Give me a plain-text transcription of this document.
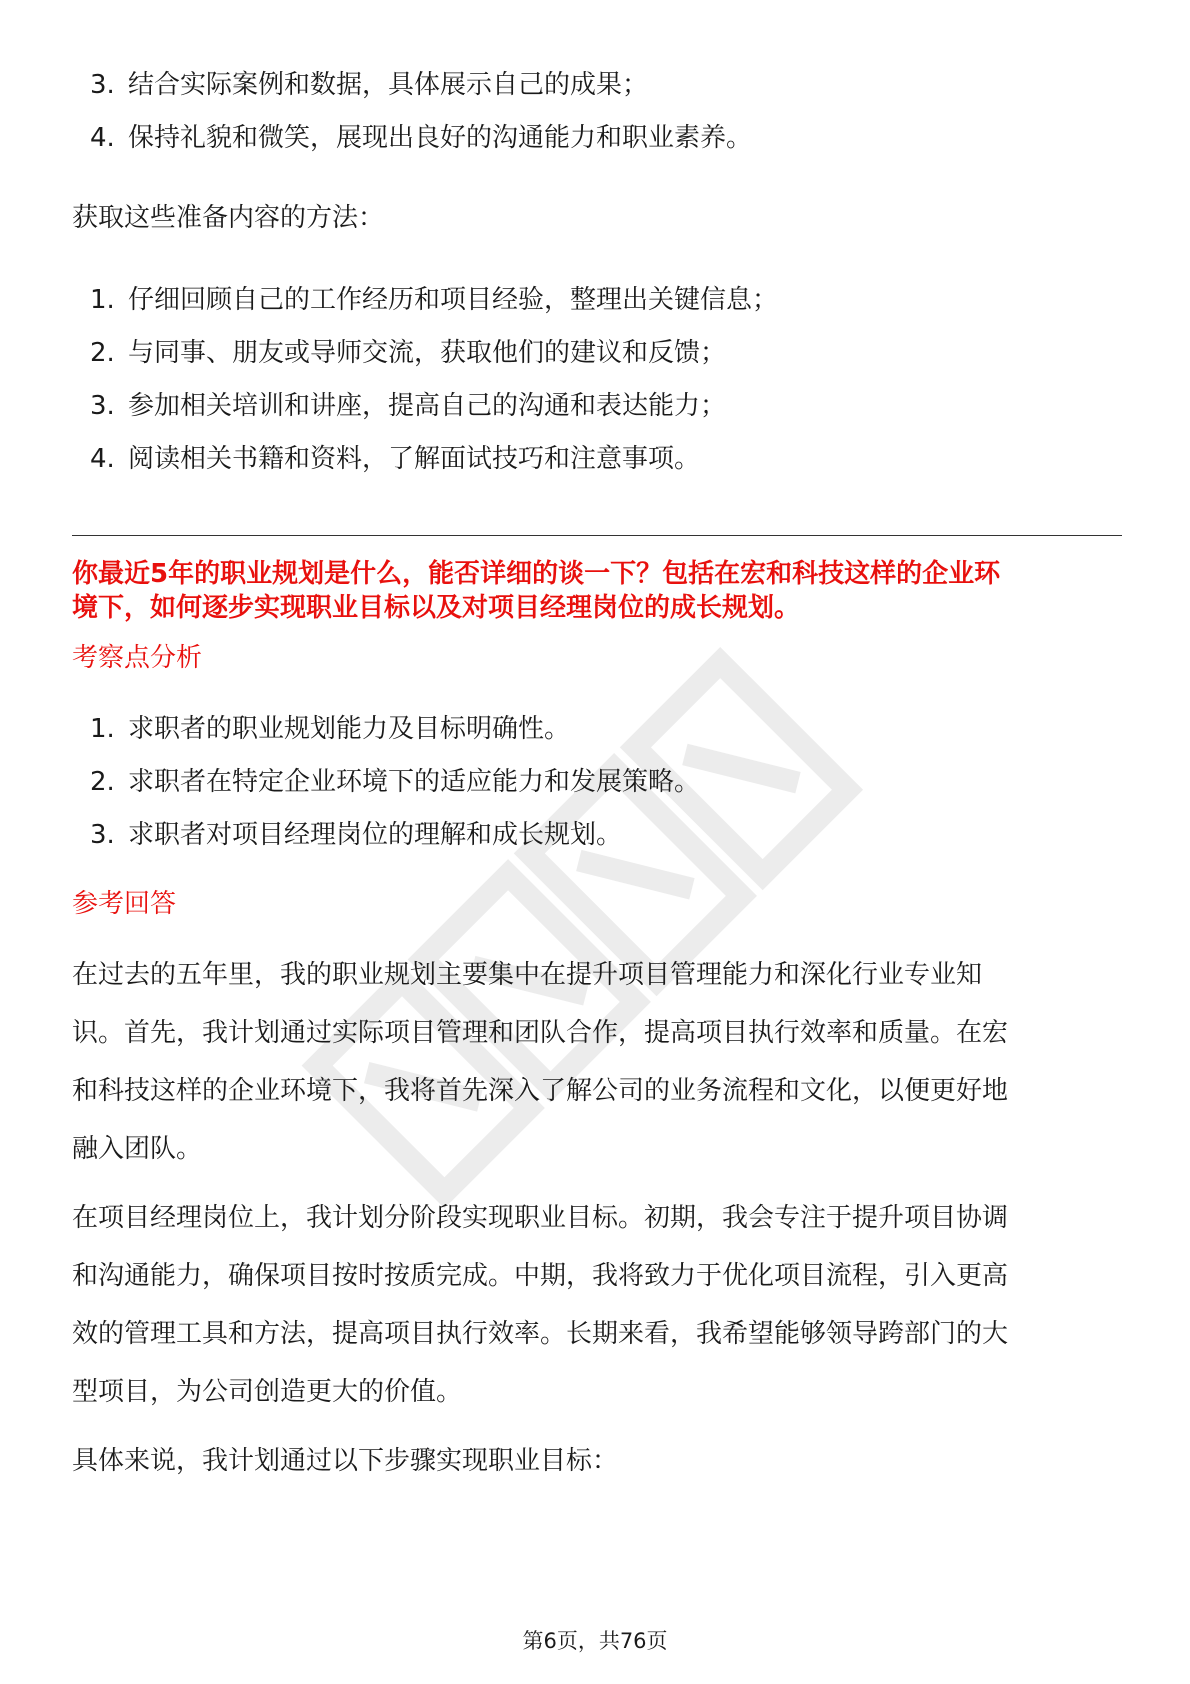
3. 结合实际案例和数据，具体展示自己的成果；
4. 保持礼貌和微笑，展现出良好的沟通能力和职业素养。
获取这些准备内容的方法：
1. 仔细回顾自己的工作经历和项目经验，整理出关键信息；
2. 与同事、朋友或导师交流，获取他们的建议和反馈；
3. 参加相关培训和讲座，提高自己的沟通和表达能力；
4. 阅读相关书籍和资料，了解面试技巧和注意事项。
你最近5年的职业规划是什么，能否详细的谈一下？包括在宏和科技这样的企业环
境下，如何逐步实现职业目标以及对项目经理岗位的成长规划。
考察点分析
1. 求职者的职业规划能力及目标明确性。
2. 求职者在特定企业环境下的适应能力和发展策略。
3. 求职者对项目经理岗位的理解和成长规划。
参考回答
在过去的五年里，我的职业规划主要集中在提升项目管理能力和深化行业专业知
识。首先，我计划通过实际项目管理和团队合作，提高项目执行效率和质量。在宏
和科技这样的企业环境下，我将首先深入了解公司的业务流程和文化，以便更好地
融入团队。
在项目经理岗位上，我计划分阶段实现职业目标。初期，我会专注于提升项目协调
和沟通能力，确保项目按时按质完成。中期，我将致力于优化项目流程，引入更高
效的管理工具和方法，提高项目执行效率。长期来看，我希望能够领导跨部门的大
型项目，为公司创造更大的价值。
具体来说，我计划通过以下步骤实现职业目标：
第6页，共76页
